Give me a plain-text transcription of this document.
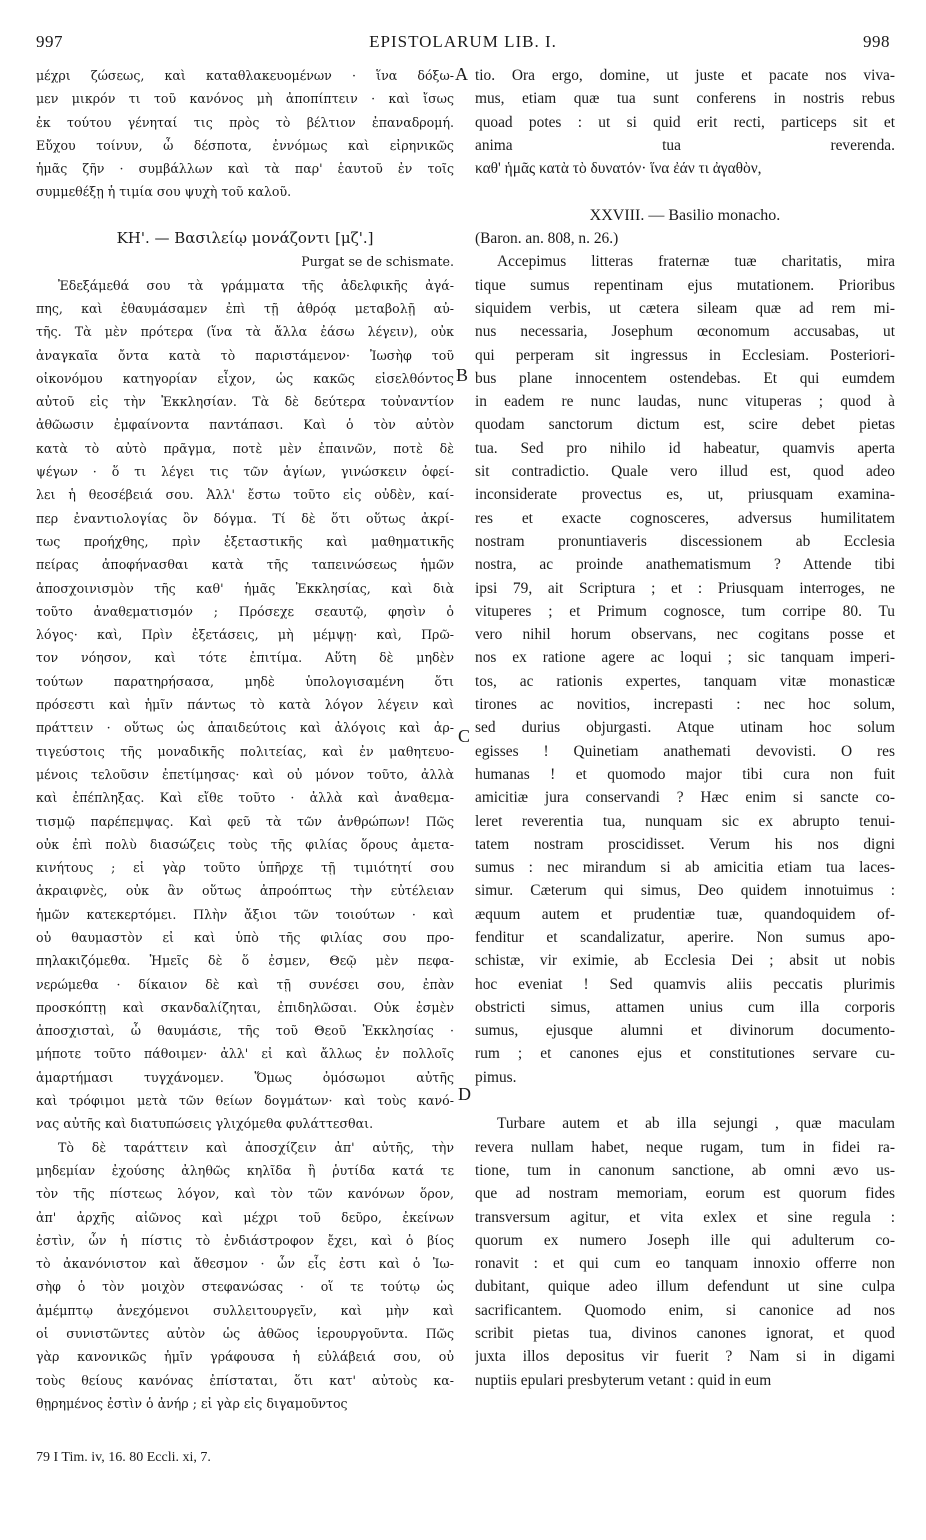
997	EPISTOLARUM LIB. I.	998
μέχρι ζώσεως, καὶ καταθλακευομένων · ἵνα δόξω-
μεν μικρόν τι τοῦ κανόνος μὴ ἀποπίπτειν · καὶ ἴσως
ἐκ τούτου γένηταί τις πρὸς τὸ βέλτιον ἐπαναδρομή.
Εὔχου τοίνυν, ὦ δέσποτα, ἐννόμως καὶ εἰρηνικῶς
ἡμᾶς ζῆν · συμβάλλων καὶ τὰ παρ' ἑαυτοῦ ἐν τοῖς
συμμεθέξῃ ἡ τιμία σου ψυχὴ τοῦ καλοῦ.
ΚΗ'. — Βασιλείῳ μονάζοντι [μζ'.]
Purgat se de schismate.
Ἐδεξάμεθά σου τὰ γράμματα τῆς ἀδελφικῆς ἀγά-
πης, καὶ ἐθαυμάσαμεν ἐπὶ τῇ ἀθρόᾳ μεταβολῇ αὐ-
τῆς. Τὰ μὲν πρότερα (ἵνα τὰ ἄλλα ἐάσω λέγειν), οὐκ
ἀναγκαῖα ὄντα κατὰ τὸ παριστάμενον· Ἰωσὴφ τοῦ
οἰκονόμου κατηγορίαν εἶχον, ὡς κακῶς εἰσελθόντος
αὐτοῦ εἰς τὴν Ἐκκλησίαν. Τὰ δὲ δεύτερα τοὐναντίον
ἀθῶωσιν ἐμφαίνοντα παντάπασι. Καὶ ὁ τὸν αὐτὸν
κατὰ τὸ αὐτὸ πρᾶγμα, ποτὲ μὲν ἐπαινῶν, ποτὲ δὲ
ψέγων · ὅ τι λέγει τις τῶν ἁγίων, γινώσκειν ὀφεί-
λει ἡ θεοσέβειά σου. Ἀλλ' ἔστω τοῦτο εἰς οὐδὲν, καί-
περ ἐναντιολογίας ὂν δόγμα. Τί δὲ ὅτι οὕτως ἀκρί-
τως προήχθης, πρὶν ἐξεταστικῆς καὶ μαθηματικῆς
πείρας ἀποφήνασθαι κατὰ τῆς ταπεινώσεως ἡμῶν
ἀποσχοινισμὸν τῆς καθ' ἡμᾶς Ἐκκλησίας, καὶ διὰ
τοῦτο ἀναθεματισμόν ; Πρόσεχε σεαυτῷ, φησὶν ὁ
λόγος· καὶ, Πρὶν ἐξετάσεις, μὴ μέμψῃ· καὶ, Πρῶ-
τον νόησον, καὶ τότε ἐπιτίμα. Αὕτη δὲ μηδὲν
τούτων παρατηρήσασα, μηδὲ ὑπολογισαμένη ὅτι
πρόσεστι καὶ ἡμῖν πάντως τὸ κατὰ λόγον λέγειν καὶ
πράττειν · οὕτως ὡς ἀπαιδεύτοις καὶ ἀλόγοις καὶ ἀρ-
τιγεύστοις τῆς μοναδικῆς πολιτείας, καὶ ἐν μαθητευο-
μένοις τελοῦσιν ἐπετίμησας· καὶ οὐ μόνον τοῦτο, ἀλλὰ
καὶ ἐπέπληξας. Καὶ εἴθε τοῦτο · ἀλλὰ καὶ ἀναθεμα-
τισμῷ παρέπεμψας. Καὶ φεῦ τὰ τῶν ἀνθρώπων! Πῶς
οὐκ ἐπὶ πολὺ διασώζεις τοὺς τῆς φιλίας ὅρους ἀμετα-
κινήτους ; εἰ γὰρ τοῦτο ὑπῆρχε τῇ τιμιότητί σου
ἀκραιφνὲς, οὐκ ἂν οὕτως ἀπροόπτως τὴν εὐτέλειαν
ἡμῶν κατεκερτόμει. Πλὴν ἄξιοι τῶν τοιούτων · καὶ
οὐ θαυμαστὸν εἰ καὶ ὑπὸ τῆς φιλίας σου προ-
πηλακιζόμεθα. Ἡμεῖς δὲ ὅ ἐσμεν, Θεῷ μὲν πεφα-
νερώμεθα · δίκαιον δὲ καὶ τῇ συνέσει σου, ἐπὰν
προσκόπτῃ καὶ σκανδαλίζηται, ἐπιδηλῶσαι. Οὐκ ἐσμὲν
ἀποσχισταὶ, ὦ θαυμάσιε, τῆς τοῦ Θεοῦ Ἐκκλησίας ·
μήποτε τοῦτο πάθοιμεν· ἀλλ' εἰ καὶ ἄλλως ἐν πολλοῖς
ἁμαρτήμασι τυγχάνομεν. Ὅμως ὀμόσωμοι αὐτῆς
καὶ τρόφιμοι μετὰ τῶν θείων δογμάτων· καὶ τοὺς κανό-
νας αὐτῆς καὶ διατυπώσεις γλιχόμεθα φυλάττεσθαι.
Τὸ δὲ ταράττειν καὶ ἀποσχίζειν ἀπ' αὐτῆς, τὴν
μηδεμίαν ἐχούσης ἀληθῶς κηλῖδα ἢ ῥυτίδα κατά τε
τὸν τῆς πίστεως λόγον, καὶ τὸν τῶν κανόνων ὅρον,
ἀπ' ἀρχῆς αἰῶνος καὶ μέχρι τοῦ δεῦρο, ἐκείνων
ἐστὶν, ὧν ἡ πίστις τὸ ἐνδιάστροφον ἔχει, καὶ ὁ βίος
τὸ ἀκανόνιστον καὶ ἄθεσμον · ὧν εἷς ἐστι καὶ ὁ Ἰω-
σὴφ ὁ τὸν μοιχὸν στεφανώσας · οἵ τε τούτῳ ὡς
ἀμέμπτῳ ἀνεχόμενοι συλλειτουργεῖν, καὶ μὴν καὶ
οἱ συνιστῶντες αὐτὸν ὡς ἀθῶος ἱερουργοῦντα. Πῶς
γὰρ κανονικῶς ἡμῖν γράφουσα ἡ εὐλάβειά σου, οὐ
τοὺς θείους κανόνας ἐπίσταται, ὅτι κατ' αὐτοὺς κα-
θῃρημένος ἐστὶν ὁ ἀνήρ ; εἰ γὰρ εἰς διγαμοῦντος
tio. Ora ergo, domine, ut juste et pacate nos viva-
mus, etiam quæ tua sunt conferens in nostris rebus
quoad potes : ut si quid erit recti, particeps sit et
anima tua reverenda.
καθ' ἡμᾶς κατὰ τὸ δυνατόν· ἵνα ἐάν τι ἀγαθὸν,
XXVIII. — Basilio monacho.
(Baron. an. 808, n. 26.)
Accepimus litteras fraternæ tuæ charitatis, mira
tique sumus repentinam ejus mutationem. Prioribus
siquidem verbis, ut cætera sileam quæ ad rem mi-
nus necessaria, Josephum œconomum accusabas, ut
qui perperam sit ingressus in Ecclesiam. Posteriori-
bus plane innocentem ostendebas. Et qui eumdem
in eadem re nunc laudas, nunc vituperas ; quod à
quodam sanctorum dictum est, scire debet pietas
tua. Sed pro nihilo id habeatur, quamvis aperta
sit contradictio. Quale vero illud est, quod adeo
inconsiderate provectus es, ut, priusquam examina-
res et exacte cognosceres, adversus humilitatem
nostram pronuntiaveris discessionem ab Ecclesia
nostra, ac proinde anathematismum ? Attende tibi
ipsi 79, ait Scriptura ; et : Priusquam interroges, ne
vituperes ; et Primum cognosce, tum corripe 80. Tu
vero nihil horum observans, nec cogitans posse et
nos ex ratione agere ac loqui ; sic tanquam imperi-
tos, ac rationis expertes, tanquam vitæ monasticæ
tirones ac novitios, increpasti : nec hoc solum,
sed durius objurgasti. Atque utinam hoc solum
egisses ! Quinetiam anathemati devovisti. O res
humanas ! et quomodo major tibi cura non fuit
amicitiæ jura conservandi ? Hæc enim si sancte co-
leret reverentia tua, nunquam sic ex abrupto tenui-
tatem nostram proscidisset. Verum his nos digni
sumus : nec mirandum si ab amicitia etiam tua laces-
simur. Cæterum qui simus, Deo quidem innotuimus :
æquum autem et prudentiæ tuæ, quandoquidem of-
fenditur et scandalizatur, aperire. Non sumus apo-
schistæ, vir eximie, ab Ecclesia Dei ; absit ut nobis
hoc eveniat ! Sed quamvis aliis peccatis plurimis
obstricti simus, attamen unius cum illa corporis
sumus, ejusque alumni et divinorum documento-
rum ; et canones ejus et constitutiones servare cu-
pimus.
Turbare autem et ab illa sejungi , quæ maculam
revera nullam habet, neque rugam, tum in fidei ra-
tione, tum in canonum sanctione, ab omni ævo us-
que ad nostram memoriam, eorum est quorum fides
transversum agitur, et vita exlex et sine regula :
quorum ex numero Joseph ille qui adulterum co-
ronavit : et qui cum eo tanquam innoxio offerre non
dubitant, quique adeo illum defendunt ut sine culpa
sacrificantem. Quomodo enim, si canonice ad nos
scribit pietas tua, divinos canones ignorat, et quod
juxta illos depositus vir fuerit ? Nam si in digami
nuptiis epulari presbyterum vetant : quid in eum
A
B
C
D
79 I Tim. iv, 16. 80 Eccli. xi, 7.
